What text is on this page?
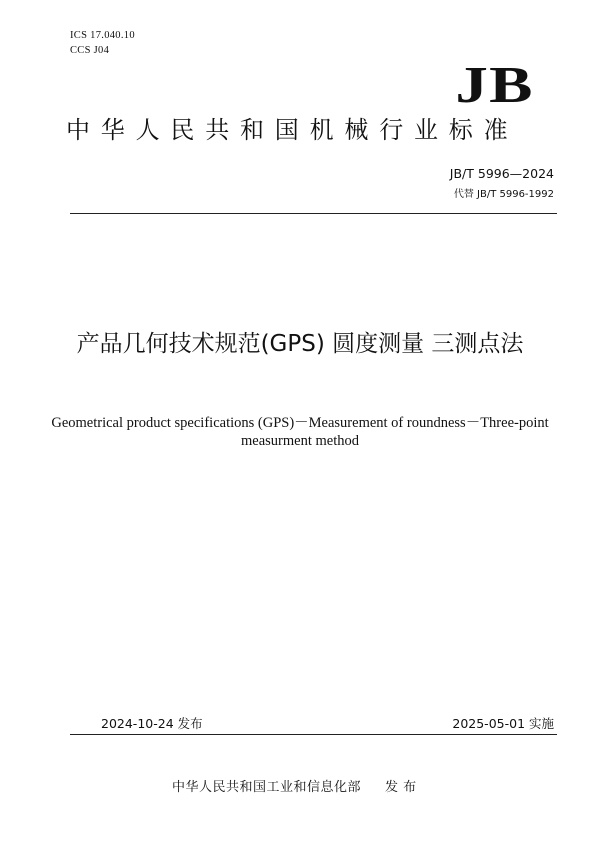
ICS 17.040.10
CCS J04
JB
中华人民共和国机械行业标准
JB/T 5996—2024
代替 JB/T 5996-1992
产品几何技术规范(GPS) 圆度测量 三测点法
Geometrical product specifications (GPS)－Measurement of roundness－Three-point measurment method
2024-10-24 发布	2025-05-01 实施
中华人民共和国工业和信息化部 发 布
